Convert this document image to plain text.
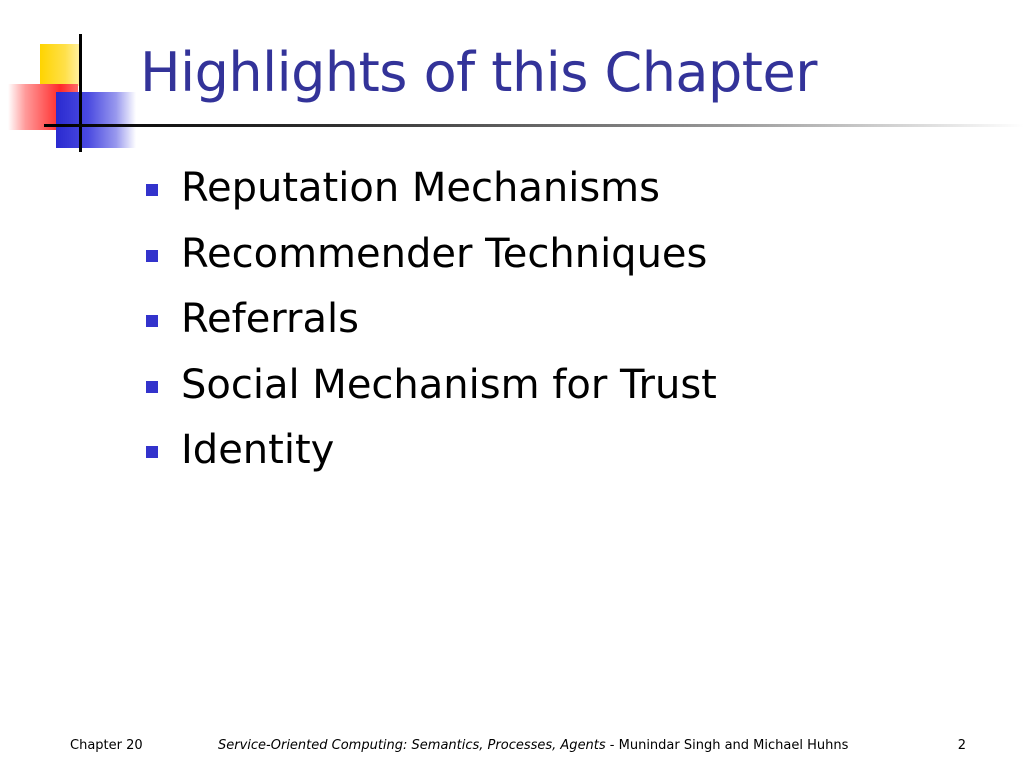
Highlights of this Chapter
Reputation Mechanisms
Recommender Techniques
Referrals
Social Mechanism for Trust
Identity
Chapter 20	Service-Oriented Computing: Semantics, Processes, Agents - Munindar Singh and Michael Huhns	2
